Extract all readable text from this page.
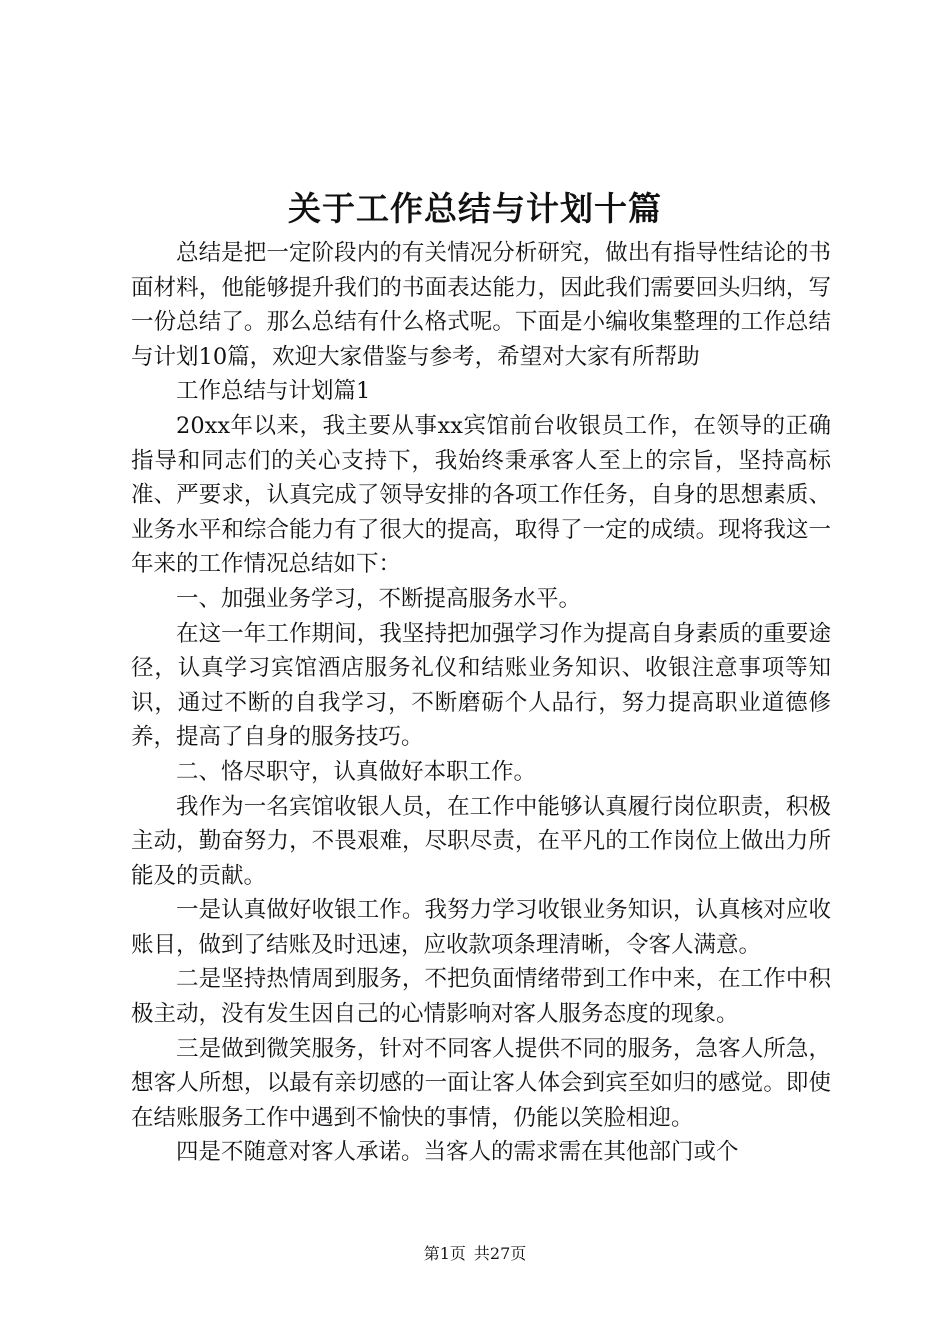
关于工作总结与计划十篇

总结是把一定阶段内的有关情况分析研究，做出有指导性结论的书面材料，他能够提升我们的书面表达能力，因此我们需要回头归纳，写一份总结了。那么总结有什么格式呢。下面是小编收集整理的工作总结与计划10篇，欢迎大家借鉴与参考，希望对大家有所帮助

工作总结与计划篇1

20xx年以来，我主要从事xx宾馆前台收银员工作，在领导的正确指导和同志们的关心支持下，我始终秉承客人至上的宗旨，坚持高标准、严要求，认真完成了领导安排的各项工作任务，自身的思想素质、业务水平和综合能力有了很大的提高，取得了一定的成绩。现将我这一年来的工作情况总结如下：

一、加强业务学习，不断提高服务水平。

在这一年工作期间，我坚持把加强学习作为提高自身素质的重要途径，认真学习宾馆酒店服务礼仪和结账业务知识、收银注意事项等知识，通过不断的自我学习，不断磨砺个人品行，努力提高职业道德修养，提高了自身的服务技巧。

二、恪尽职守，认真做好本职工作。

我作为一名宾馆收银人员，在工作中能够认真履行岗位职责，积极主动，勤奋努力，不畏艰难，尽职尽责，在平凡的工作岗位上做出力所能及的贡献。

一是认真做好收银工作。我努力学习收银业务知识，认真核对应收账目，做到了结账及时迅速，应收款项条理清晰，令客人满意。

二是坚持热情周到服务，不把负面情绪带到工作中来，在工作中积极主动，没有发生因自己的心情影响对客人服务态度的现象。

三是做到微笑服务，针对不同客人提供不同的服务，急客人所急，想客人所想，以最有亲切感的一面让客人体会到宾至如归的感觉。即使在结账服务工作中遇到不愉快的事情，仍能以笑脸相迎。

四是不随意对客人承诺。当客人的需求需在其他部门或个

第1页 共27页
